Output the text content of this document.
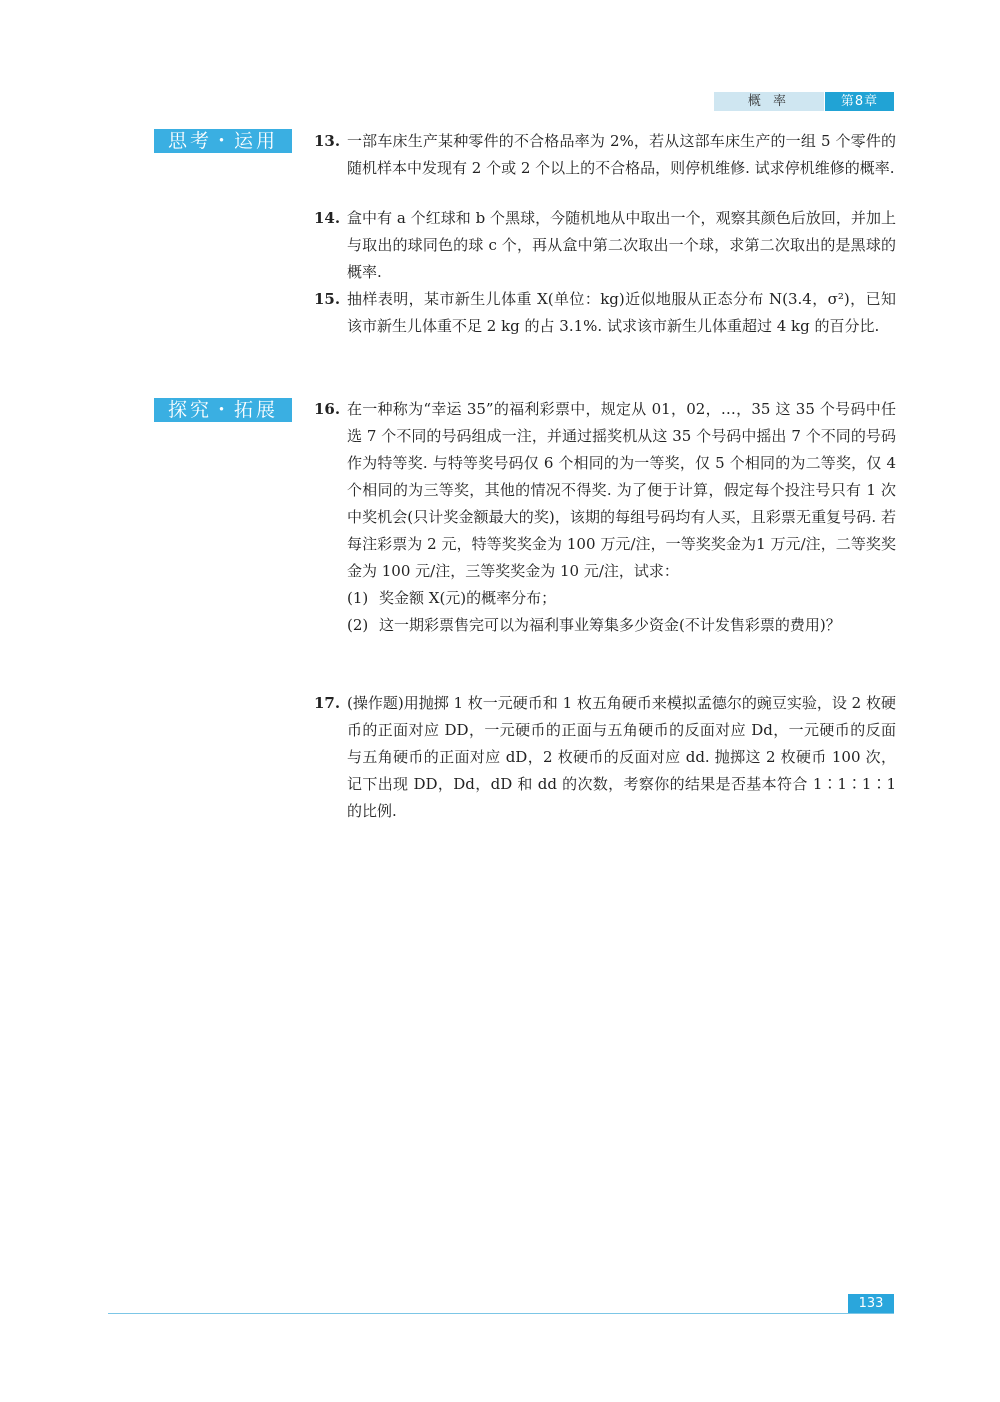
概 率	第8章
思考・运用	13. 一部车床生产某种零件的不合格品率为 2%，若从这部车床生产的一组 5 个零件的随机样本中发现有 2 个或 2 个以上的不合格品，则停机维修. 试求停机维修的概率.
14. 盒中有 a 个红球和 b 个黑球，今随机地从中取出一个，观察其颜色后放回，并加上与取出的球同色的球 c 个，再从盒中第二次取出一个球，求第二次取出的是黑球的概率.
15. 抽样表明，某市新生儿体重 X(单位：kg)近似地服从正态分布 N(3.4，σ²)，已知该市新生儿体重不足 2 kg 的占 3.1%. 试求该市新生儿体重超过 4 kg 的百分比.
探究・拓展	16. 在一种称为“幸运 35”的福利彩票中，规定从 01，02，…，35 这 35 个号码中任选 7 个不同的号码组成一注，并通过摇奖机从这 35 个号码中摇出 7 个不同的号码作为特等奖. 与特等奖号码仅 6 个相同的为一等奖，仅 5 个相同的为二等奖，仅 4 个相同的为三等奖，其他的情况不得奖. 为了便于计算，假定每个投注号只有 1 次中奖机会(只计奖金额最大的奖)，该期的每组号码均有人买，且彩票无重复号码. 若每注彩票为 2 元，特等奖奖金为 100 万元/注，一等奖奖金为1 万元/注，二等奖奖金为 100 元/注，三等奖奖金为 10 元/注，试求：
(1) 奖金额 X(元)的概率分布；
(2) 这一期彩票售完可以为福利事业筹集多少资金(不计发售彩票的费用)？
17. (操作题)用抛掷 1 枚一元硬币和 1 枚五角硬币来模拟孟德尔的豌豆实验，设 2 枚硬币的正面对应 DD，一元硬币的正面与五角硬币的反面对应 Dd，一元硬币的反面与五角硬币的正面对应 dD，2 枚硬币的反面对应 dd. 抛掷这 2 枚硬币 100 次，记下出现 DD，Dd，dD 和 dd 的次数，考察你的结果是否基本符合 1∶1∶1∶1 的比例.
133
